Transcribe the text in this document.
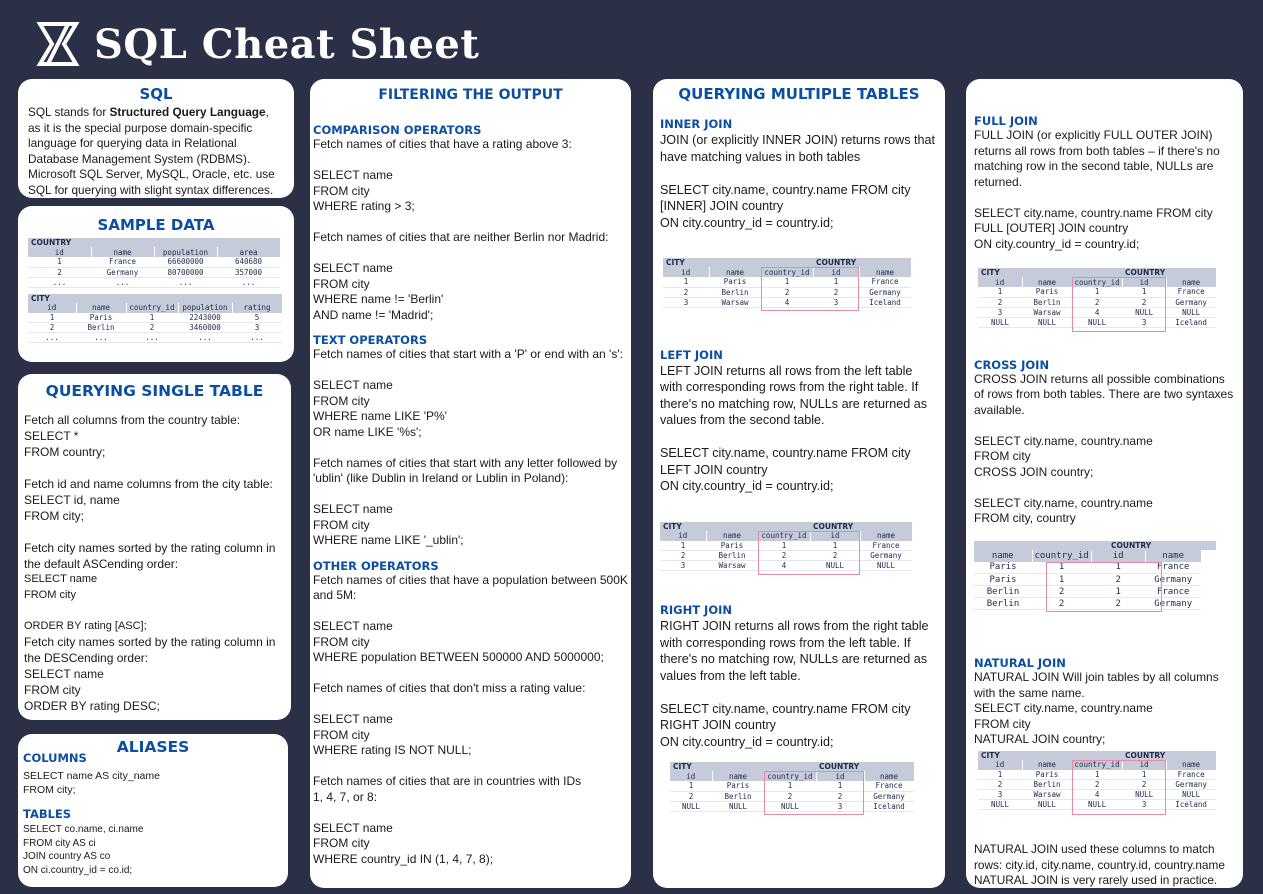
SQL Cheat Sheet
SQL
SQL stands for Structured Query Language, as it is the special purpose domain-specific language for querying data in Relational Database Management System (RDBMS). Microsoft SQL Server, MySQL, Oracle, etc. use SQL for querying with slight syntax differences.
SAMPLE DATA
COUNTRY
id	name	population	area
1	France	66600000	640680
2	Germany	80700000	357000
...	...	...	...
CITY
id	name	country_id	population	rating
1	Paris	1	2243000	5
2	Berlin	2	3460000	3
...	...	...	...	...
QUERYING SINGLE TABLE
Fetch all columns from the country table:
SELECT *
FROM country;

Fetch id and name columns from the city table:
SELECT id, name
FROM city;

Fetch city names sorted by the rating column in the default ASCending order:
SELECT name
FROM city

ORDER BY rating [ASC];
Fetch city names sorted by the rating column in the DESCending order:
SELECT name
FROM city
ORDER BY rating DESC;
ALIASES
COLUMNS
SELECT name AS city_name
FROM city;
TABLES
SELECT co.name, ci.name
FROM city AS ci
JOIN country AS co
ON ci.country_id = co.id;
FILTERING THE OUTPUT
COMPARISON OPERATORS
Fetch names of cities that have a rating above 3:

SELECT name
FROM city
WHERE rating > 3;

Fetch names of cities that are neither Berlin nor Madrid:

SELECT name
FROM city
WHERE name != 'Berlin'
AND name != 'Madrid';
TEXT OPERATORS
Fetch names of cities that start with a 'P' or end with an 's':

SELECT name
FROM city
WHERE name LIKE 'P%'
OR name LIKE '%s';

Fetch names of cities that start with any letter followed by 'ublin' (like Dublin in Ireland or Lublin in Poland):

SELECT name
FROM city
WHERE name LIKE '_ublin';
OTHER OPERATORS
Fetch names of cities that have a population between 500K and 5M:

SELECT name
FROM city
WHERE population BETWEEN 500000 AND 5000000;

Fetch names of cities that don't miss a rating value:

SELECT name
FROM city
WHERE rating IS NOT NULL;

Fetch names of cities that are in countries with IDs
1, 4, 7, or 8:

SELECT name
FROM city
WHERE country_id IN (1, 4, 7, 8);
QUERYING MULTIPLE TABLES
INNER JOIN
JOIN (or explicitly INNER JOIN) returns rows that have matching values in both tables

SELECT city.name, country.name FROM city
[INNER] JOIN country
ON city.country_id = country.id;
CITY	COUNTRY
id	name	country_id	id	name
1	Paris	1	1	France
2	Berlin	2	2	Germany
3	Warsaw	4	3	Iceland
LEFT JOIN
LEFT JOIN returns all rows from the left table with corresponding rows from the right table. If there's no matching row, NULLs are returned as values from the second table.

SELECT city.name, country.name FROM city
LEFT JOIN country
ON city.country_id = country.id;
CITY	COUNTRY
id	name	country_id	id	name
1	Paris	1	1	France
2	Berlin	2	2	Germany
3	Warsaw	4	NULL	NULL
RIGHT JOIN
RIGHT JOIN returns all rows from the right table with corresponding rows from the left table. If there's no matching row, NULLs are returned as values from the left table.

SELECT city.name, country.name FROM city
RIGHT JOIN country
ON city.country_id = country.id;
CITY	COUNTRY
id	name	country_id	id	name
1	Paris	1	1	France
2	Berlin	2	2	Germany
NULL	NULL	NULL	3	Iceland
FULL JOIN
FULL JOIN (or explicitly FULL OUTER JOIN) returns all rows from both tables – if there's no matching row in the second table, NULLs are returned.

SELECT city.name, country.name FROM city
FULL [OUTER] JOIN country
ON city.country_id = country.id;
CITY	COUNTRY
id	name	country_id	id	name
1	Paris	1	1	France
2	Berlin	2	2	Germany
3	Warsaw	4	NULL	NULL
NULL	NULL	NULL	3	Iceland
CROSS JOIN
CROSS JOIN returns all possible combinations of rows from both tables. There are two syntaxes available.

SELECT city.name, country.name
FROM city
CROSS JOIN country;

SELECT city.name, country.name
FROM city, country
COUNTRY
name	country_id	id	name
Paris	1	1	France
Paris	1	2	Germany
Berlin	2	1	France
Berlin	2	2	Germany
NATURAL JOIN
NATURAL JOIN Will join tables by all columns with the same name.
SELECT city.name, country.name
FROM city
NATURAL JOIN country;
CITY	COUNTRY
id	name	country_id	id	name
1	Paris	1	1	France
2	Berlin	2	2	Germany
3	Warsaw	4	NULL	NULL
NULL	NULL	NULL	3	Iceland
NATURAL JOIN used these columns to match rows: city.id, city.name, country.id, country.name
NATURAL JOIN is very rarely used in practice.
